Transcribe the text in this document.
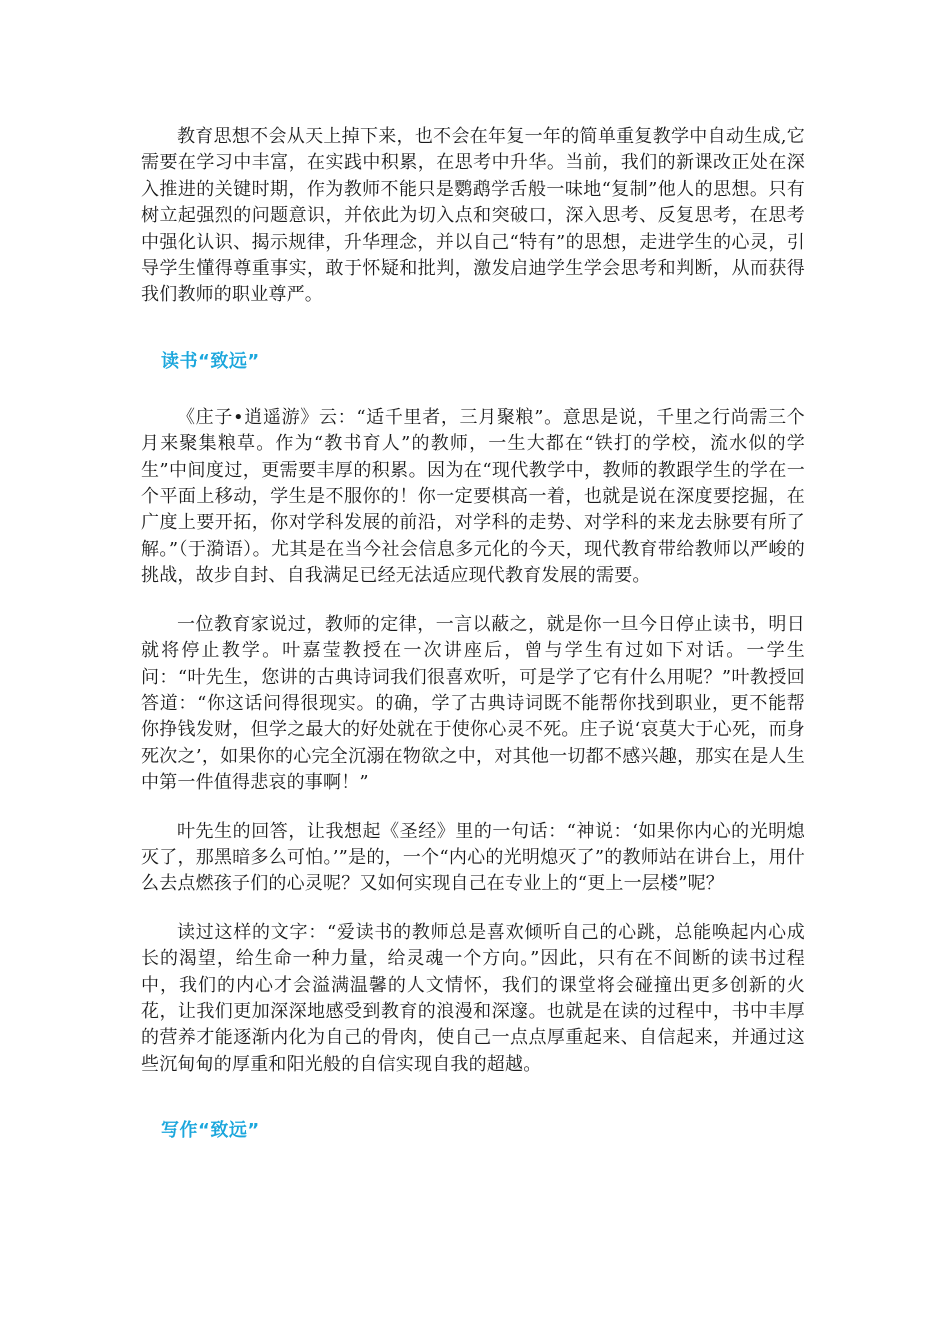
教育思想不会从天上掉下来，也不会在年复一年的简单重复教学中自动生成,它需要在学习中丰富，在实践中积累，在思考中升华。当前，我们的新课改正处在深入推进的关键时期，作为教师不能只是鹦鹉学舌般一味地“复制”他人的思想。只有树立起强烈的问题意识，并依此为切入点和突破口，深入思考、反复思考，在思考中强化认识、揭示规律，升华理念，并以自己“特有”的思想，走进学生的心灵，引导学生懂得尊重事实，敢于怀疑和批判，激发启迪学生学会思考和判断，从而获得我们教师的职业尊严。

读书“致远”

《庄子•逍遥游》云：“适千里者，三月聚粮”。意思是说，千里之行尚需三个月来聚集粮草。作为“教书育人”的教师，一生大都在“铁打的学校，流水似的学生”中间度过，更需要丰厚的积累。因为在“现代教学中，教师的教跟学生的学在一个平面上移动，学生是不服你的！你一定要棋高一着，也就是说在深度要挖掘，在广度上要开拓，你对学科发展的前沿，对学科的走势、对学科的来龙去脉要有所了解。”（于漪语）。尤其是在当今社会信息多元化的今天，现代教育带给教师以严峻的挑战，故步自封、自我满足已经无法适应现代教育发展的需要。

一位教育家说过，教师的定律，一言以蔽之，就是你一旦今日停止读书，明日就将停止教学。叶嘉莹教授在一次讲座后，曾与学生有过如下对话。一学生问：“叶先生，您讲的古典诗词我们很喜欢听，可是学了它有什么用呢？”叶教授回答道：“你这话问得很现实。的确，学了古典诗词既不能帮你找到职业，更不能帮你挣钱发财，但学之最大的好处就在于使你心灵不死。庄子说‘哀莫大于心死，而身死次之’，如果你的心完全沉溺在物欲之中，对其他一切都不感兴趣，那实在是人生中第一件值得悲哀的事啊！”

叶先生的回答，让我想起《圣经》里的一句话：“神说：‘如果你内心的光明熄灭了，那黑暗多么可怕。’”是的，一个“内心的光明熄灭了”的教师站在讲台上，用什么去点燃孩子们的心灵呢？又如何实现自己在专业上的“更上一层楼”呢？

读过这样的文字：“爱读书的教师总是喜欢倾听自己的心跳，总能唤起内心成长的渴望，给生命一种力量，给灵魂一个方向。”因此，只有在不间断的读书过程中，我们的内心才会溢满温馨的人文情怀，我们的课堂将会碰撞出更多创新的火花，让我们更加深深地感受到教育的浪漫和深邃。也就是在读的过程中，书中丰厚的营养才能逐渐内化为自己的骨肉，使自己一点点厚重起来、自信起来，并通过这些沉甸甸的厚重和阳光般的自信实现自我的超越。

写作“致远”
